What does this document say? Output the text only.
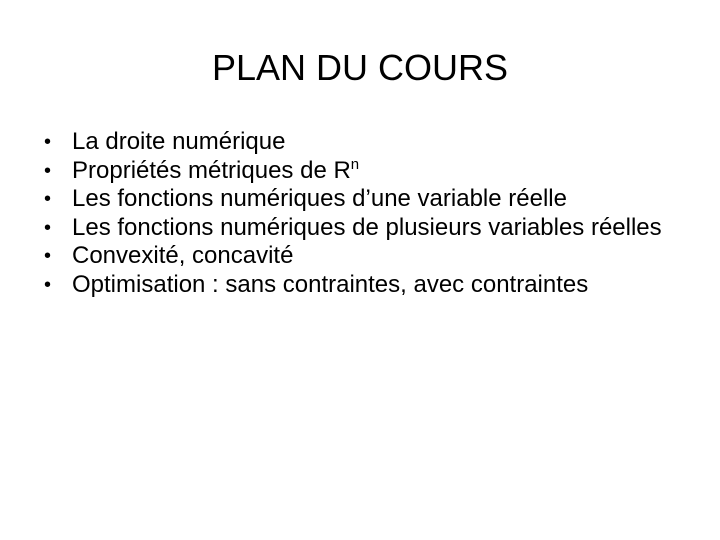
PLAN DU COURS
• La droite numérique
• Propriétés métriques de $R^n$
• Les fonctions numériques d’une variable réelle
• Les fonctions numériques de plusieurs variables réelles
• Convexité, concavité
• Optimisation : sans contraintes, avec contraintes
